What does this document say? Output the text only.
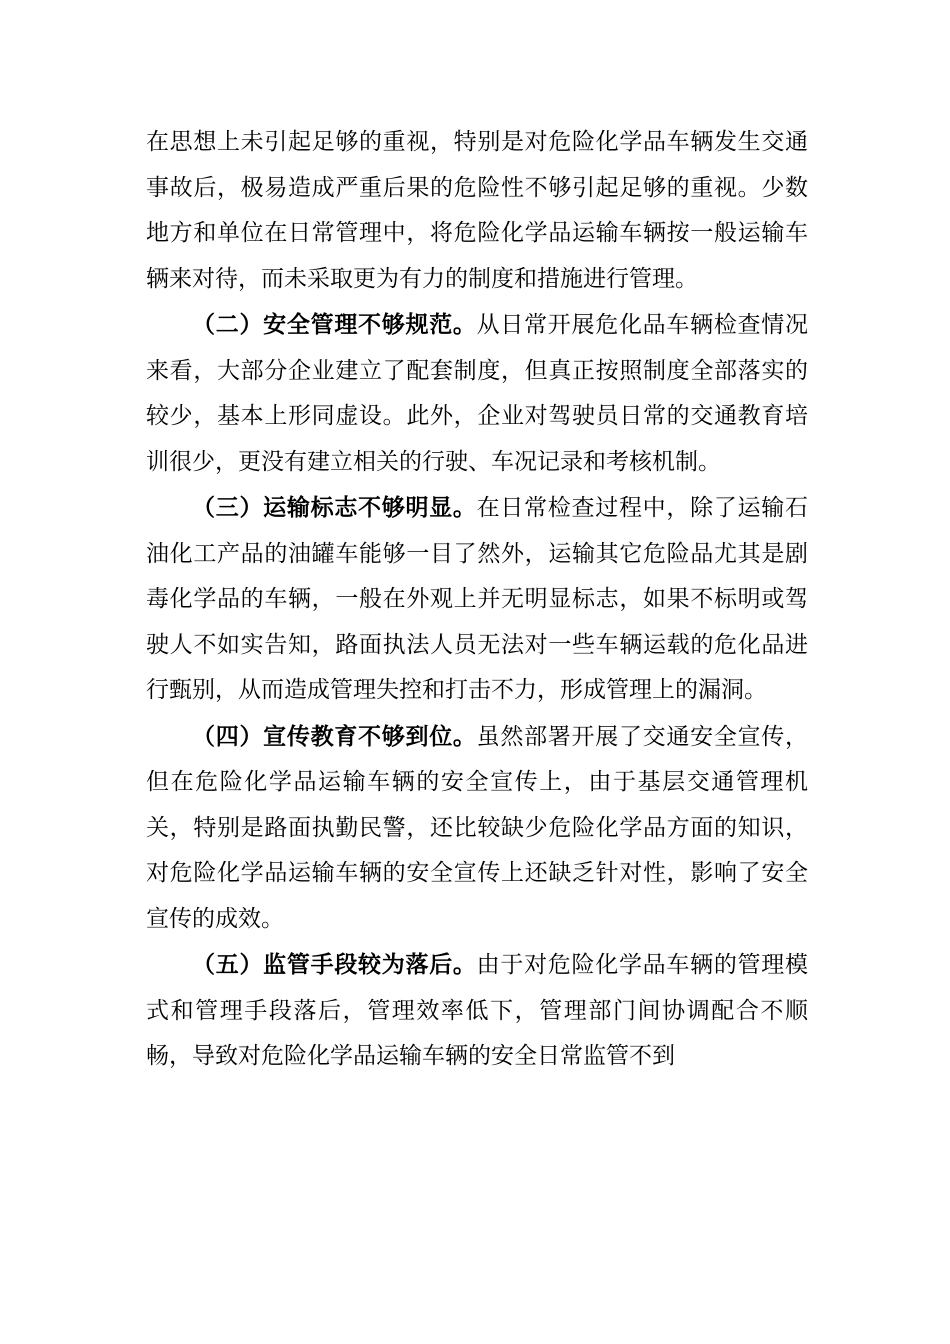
在思想上未引起足够的重视，特别是对危险化学品车辆发生交通事故后，极易造成严重后果的危险性不够引起足够的重视。少数地方和单位在日常管理中，将危险化学品运输车辆按一般运输车辆来对待，而未采取更为有力的制度和措施进行管理。

（二）安全管理不够规范。从日常开展危化品车辆检查情况来看，大部分企业建立了配套制度，但真正按照制度全部落实的较少，基本上形同虚设。此外，企业对驾驶员日常的交通教育培训很少，更没有建立相关的行驶、车况记录和考核机制。

（三）运输标志不够明显。在日常检查过程中，除了运输石油化工产品的油罐车能够一目了然外，运输其它危险品尤其是剧毒化学品的车辆，一般在外观上并无明显标志，如果不标明或驾驶人不如实告知，路面执法人员无法对一些车辆运载的危化品进行甄别，从而造成管理失控和打击不力，形成管理上的漏洞。

（四）宣传教育不够到位。虽然部署开展了交通安全宣传，但在危险化学品运输车辆的安全宣传上，由于基层交通管理机关，特别是路面执勤民警，还比较缺少危险化学品方面的知识，对危险化学品运输车辆的安全宣传上还缺乏针对性，影响了安全宣传的成效。

（五）监管手段较为落后。由于对危险化学品车辆的管理模式和管理手段落后，管理效率低下，管理部门间协调配合不顺畅，导致对危险化学品运输车辆的安全日常监管不到
